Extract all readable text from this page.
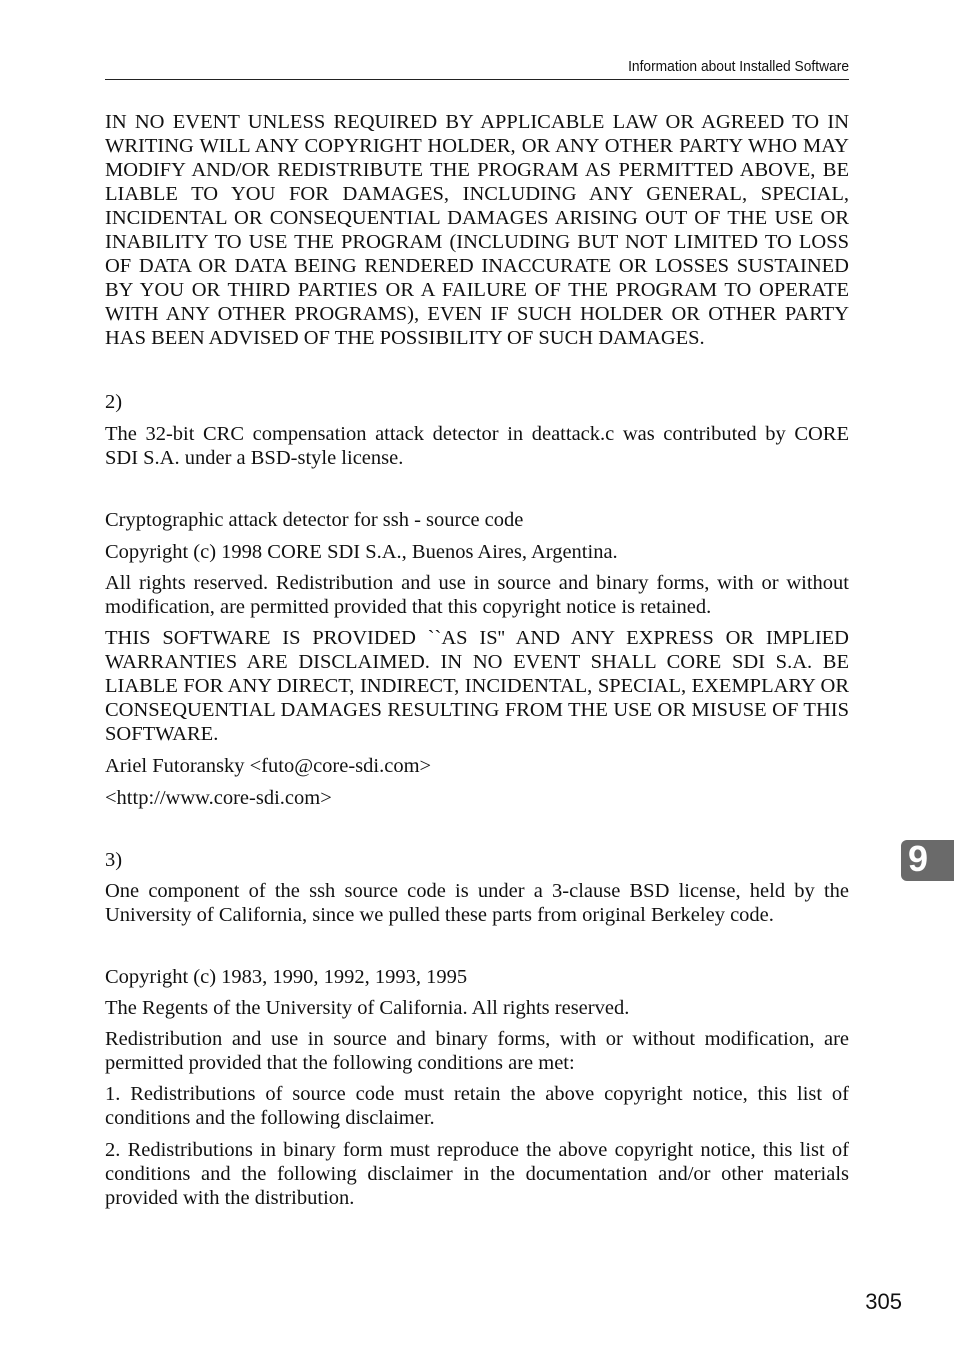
Information about Installed Software

IN NO EVENT UNLESS REQUIRED BY APPLICABLE LAW OR AGREED TO IN WRITING WILL ANY COPYRIGHT HOLDER, OR ANY OTHER PARTY WHO MAY MODIFY AND/OR REDISTRIBUTE THE PROGRAM AS PERMITTED ABOVE, BE LIABLE TO YOU FOR DAMAGES, INCLUDING ANY GENERAL, SPECIAL, INCIDENTAL OR CONSEQUENTIAL DAMAGES ARISING OUT OF THE USE OR INABILITY TO USE THE PROGRAM (INCLUDING BUT NOT LIMITED TO LOSS OF DATA OR DATA BEING RENDERED INACCURATE OR LOSSES SUSTAINED BY YOU OR THIRD PARTIES OR A FAILURE OF THE PROGRAM TO OPERATE WITH ANY OTHER PROGRAMS), EVEN IF SUCH HOLDER OR OTHER PARTY HAS BEEN ADVISED OF THE POSSIBILITY OF SUCH DAMAGES.

2)

The 32-bit CRC compensation attack detector in deattack.c was contributed by CORE SDI S.A. under a BSD-style license.

Cryptographic attack detector for ssh - source code

Copyright (c) 1998 CORE SDI S.A., Buenos Aires, Argentina.

All rights reserved. Redistribution and use in source and binary forms, with or without modification, are permitted provided that this copyright notice is retained.

THIS SOFTWARE IS PROVIDED ``AS IS'' AND ANY EXPRESS OR IMPLIED WARRANTIES ARE DISCLAIMED. IN NO EVENT SHALL CORE SDI S.A. BE LIABLE FOR ANY DIRECT, INDIRECT, INCIDENTAL, SPECIAL, EXEMPLARY OR CONSEQUENTIAL DAMAGES RESULTING FROM THE USE OR MISUSE OF THIS SOFTWARE.

Ariel Futoransky <futo@core-sdi.com>

<http://www.core-sdi.com>

3)

One component of the ssh source code is under a 3-clause BSD license, held by the University of California, since we pulled these parts from original Berkeley code.

Copyright (c) 1983, 1990, 1992, 1993, 1995

The Regents of the University of California. All rights reserved.

Redistribution and use in source and binary forms, with or without modification, are permitted provided that the following conditions are met:

1. Redistributions of source code must retain the above copyright notice, this list of conditions and the following disclaimer.

2. Redistributions in binary form must reproduce the above copyright notice, this list of conditions and the following disclaimer in the documentation and/or other materials provided with the distribution.

9
305
